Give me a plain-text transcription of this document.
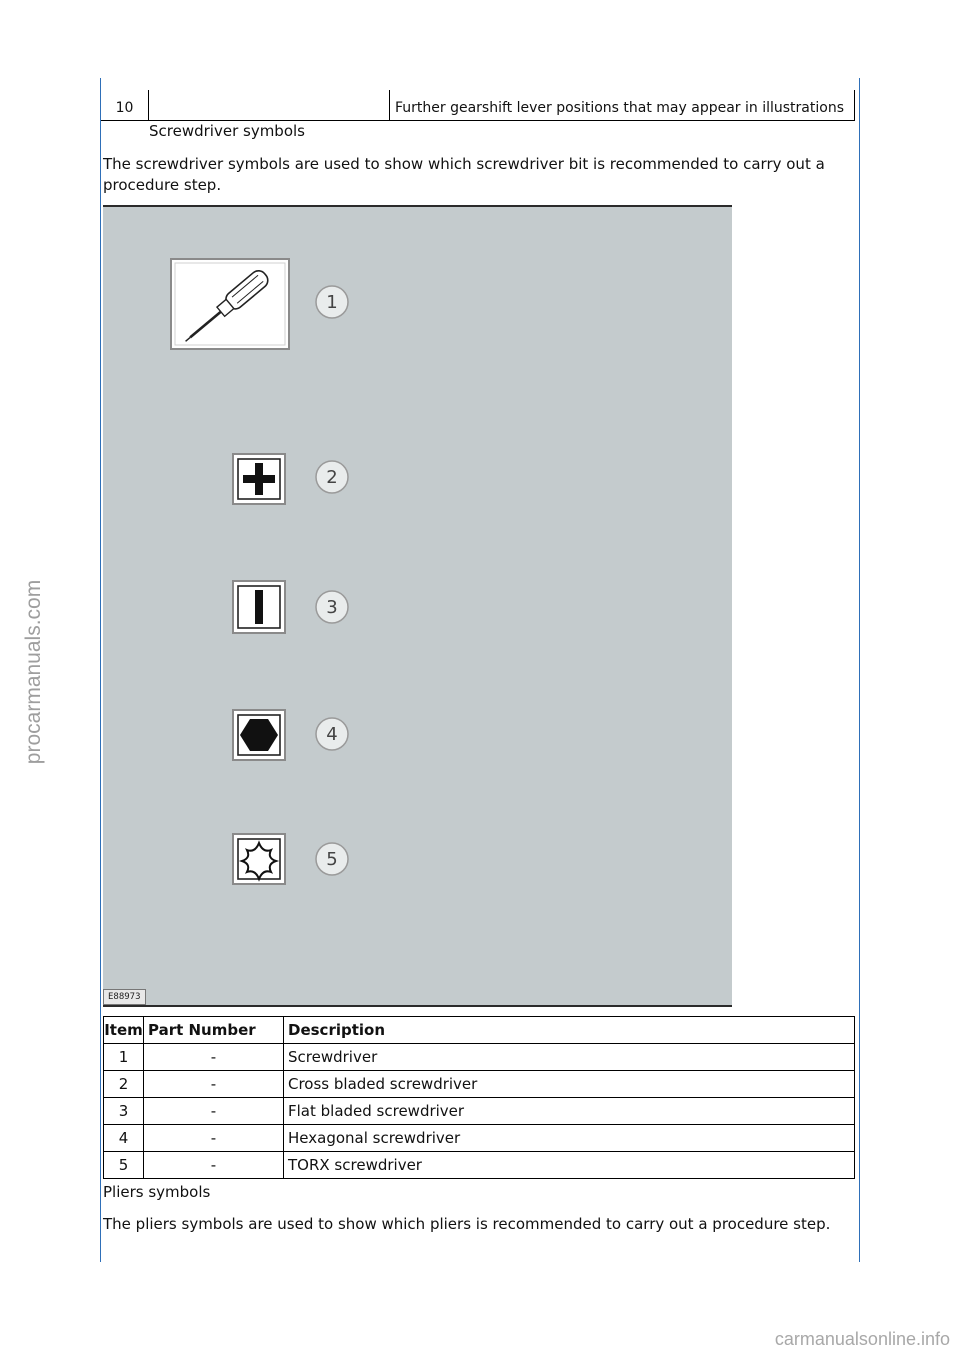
10	Further gearshift lever positions that may appear in illustrations
Screwdriver symbols
The screwdriver symbols are used to show which screwdriver bit is recommended to carry out a procedure step.
1
2
3
4
5
E88973
Item	Part Number	Description
1	-	Screwdriver
2	-	Cross bladed screwdriver
3	-	Flat bladed screwdriver
4	-	Hexagonal screwdriver
5	-	TORX screwdriver
Pliers symbols
The pliers symbols are used to show which pliers is recommended to carry out a procedure step.
procarmanuals.com
carmanualsonline.info
